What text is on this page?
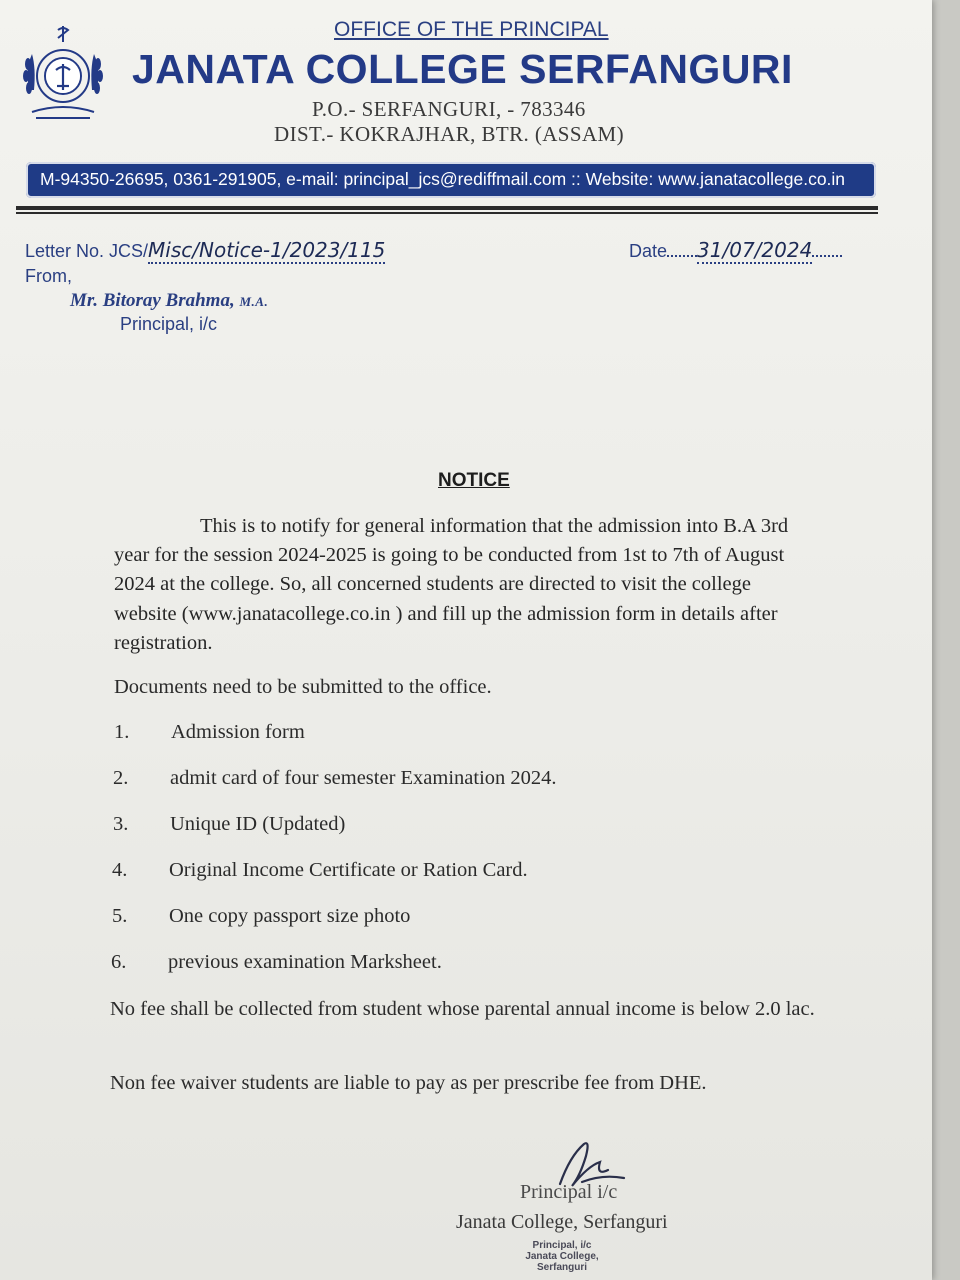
OFFICE OF THE PRINCIPAL
JANATA COLLEGE SERFANGURI
P.O.- SERFANGURI, - 783346
DIST.- KOKRAJHAR, BTR. (ASSAM)
M-94350-26695, 0361-291905, e-mail: principal_jcs@rediffmail.com :: Website: www.janatacollege.co.in
Letter No. JCS/Misc/Notice-1/2023/115	Date 31/07/2024
From,
Mr. Bitoray Brahma, M.A.
Principal, i/c
NOTICE
This is to notify for general information that the admission into B.A 3rd year for the session 2024-2025 is going to be conducted from 1st to 7th of August 2024 at the college. So, all concerned students are directed to visit the college website (www.janatacollege.co.in ) and fill up the admission form in details after registration.
Documents need to be submitted to the office.
1. Admission form
2. admit card of four semester Examination 2024.
3. Unique ID (Updated)
4. Original Income Certificate or Ration Card.
5. One copy passport size photo
6. previous examination Marksheet.
No fee shall be collected from student whose parental annual income is below 2.0 lac.
Non fee waiver students are liable to pay as per prescribe fee from DHE.
Principal i/c
Janata College, Serfanguri
Principal, i/c
Janata College,
Serfanguri
